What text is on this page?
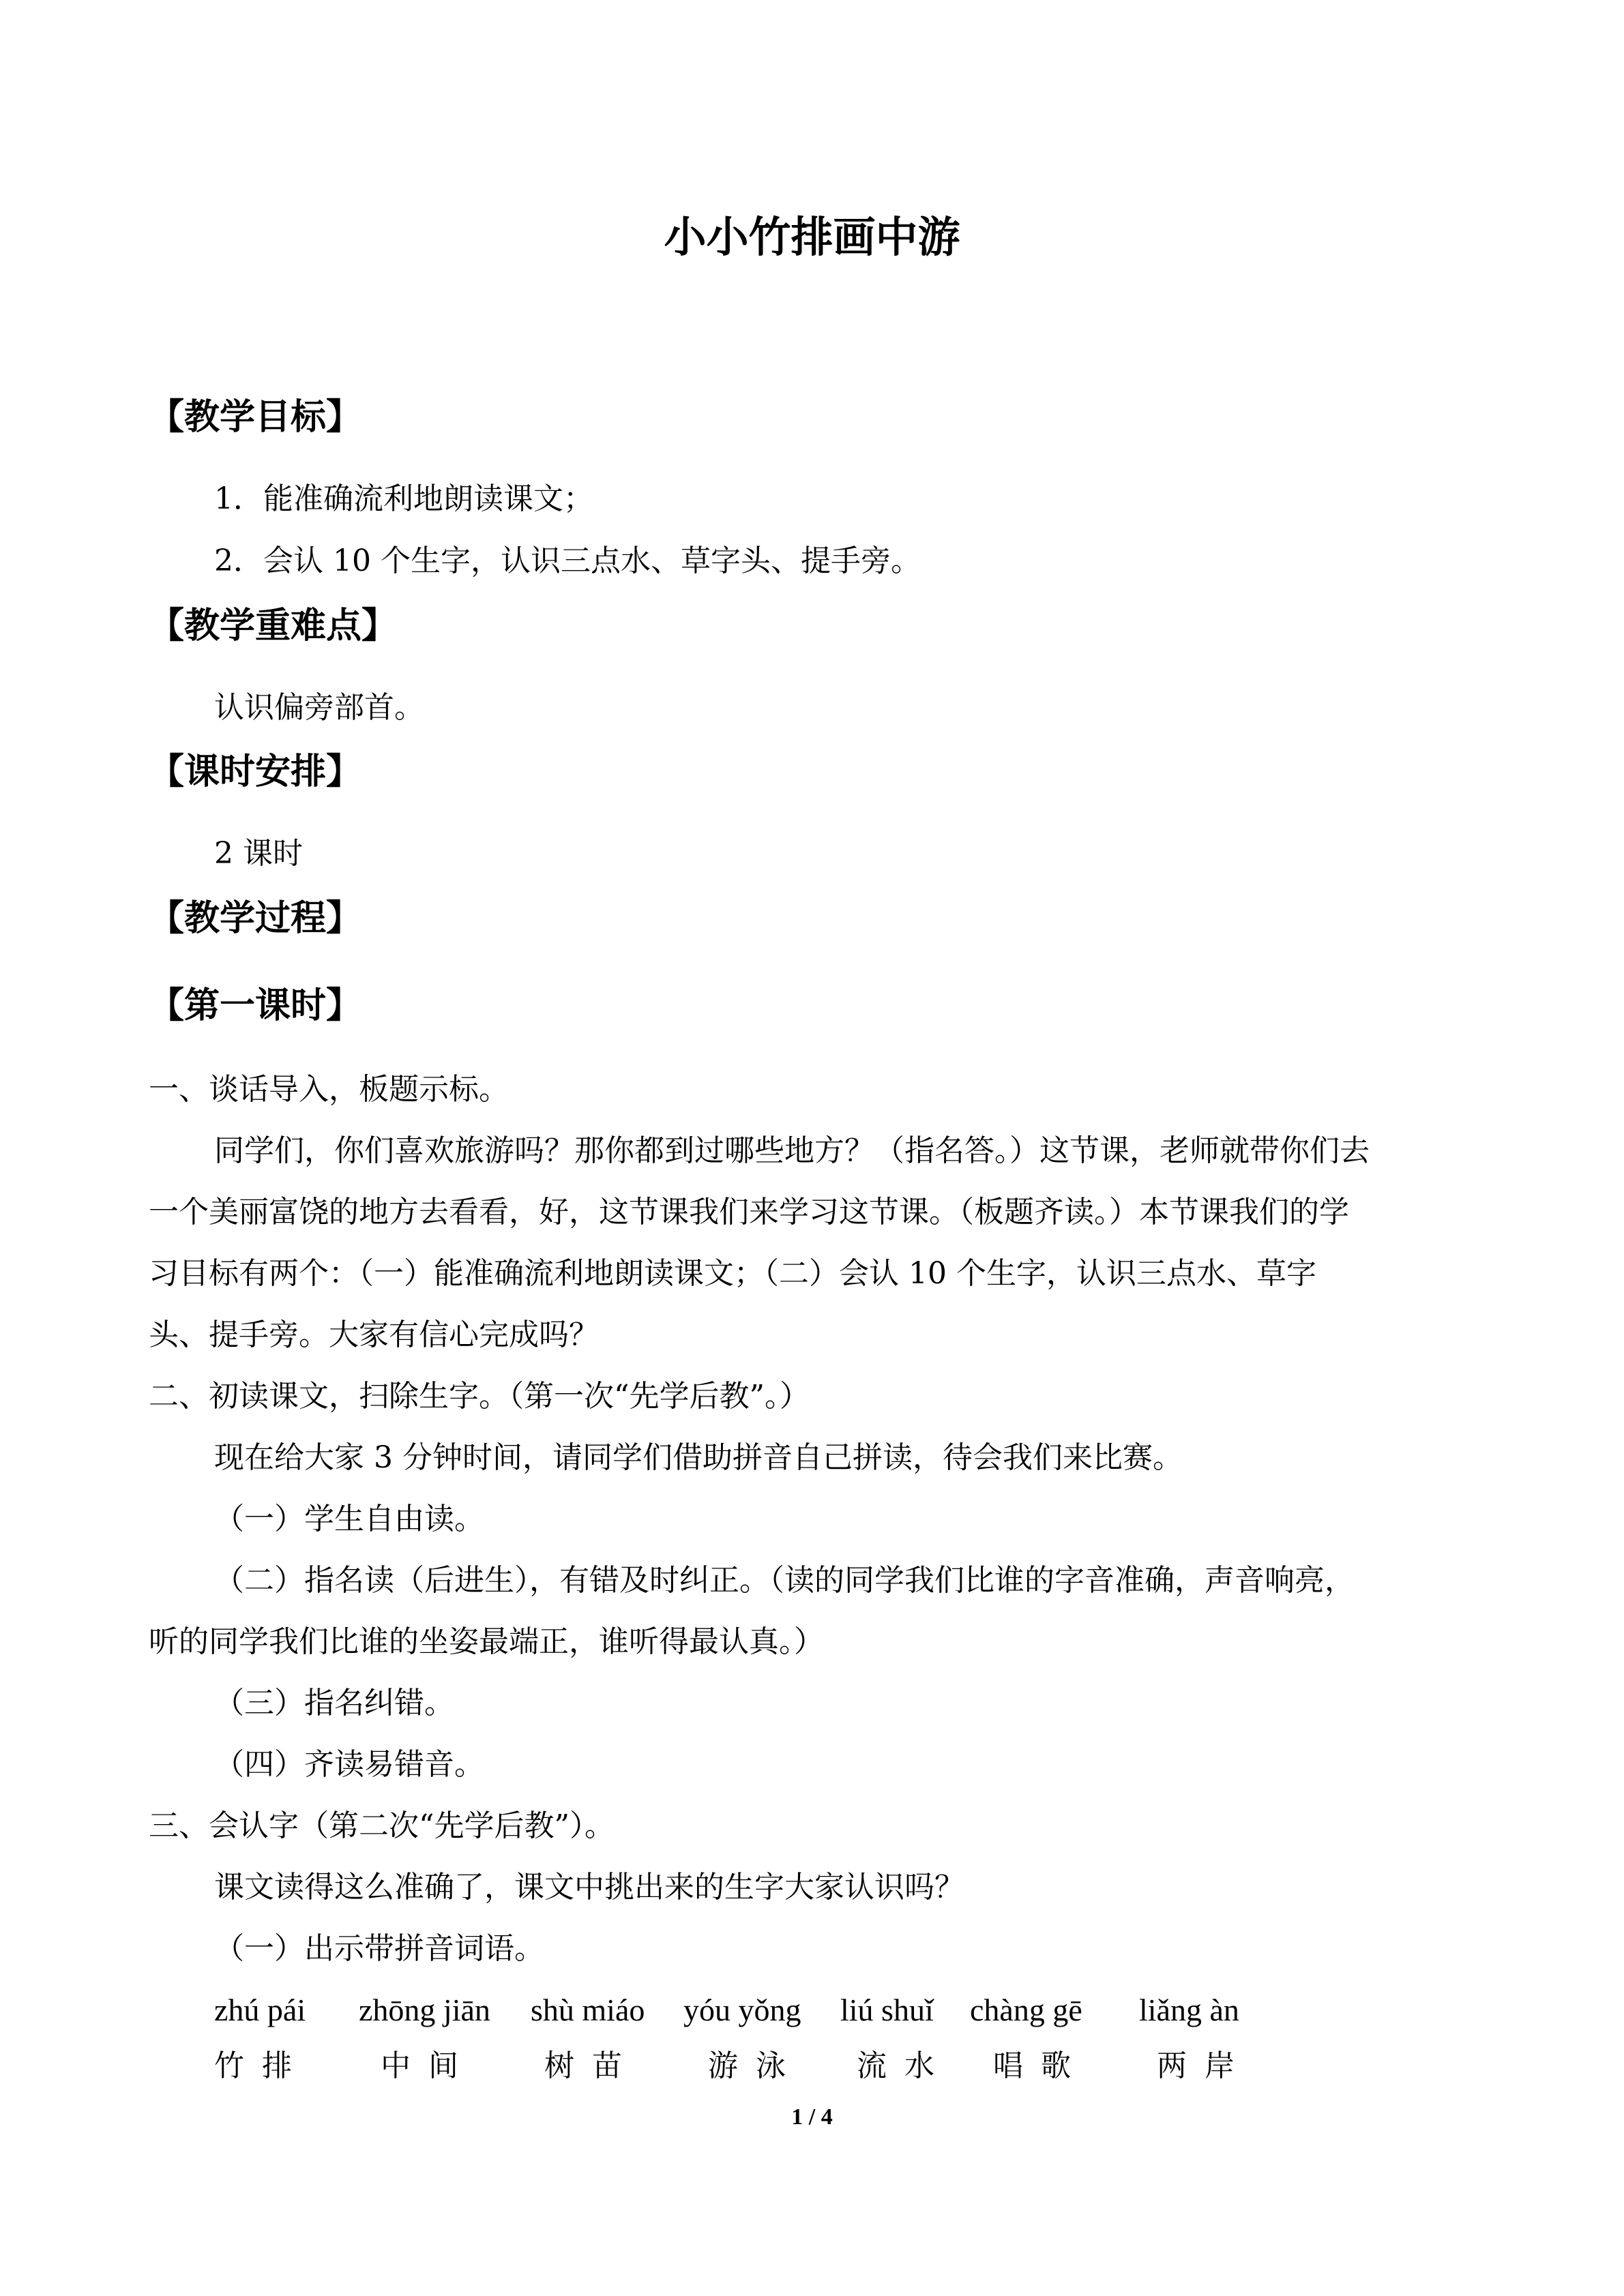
小小竹排画中游
【教学目标】
1．能准确流利地朗读课文；
2．会认 10 个生字，认识三点水、草字头、提手旁。
【教学重难点】
认识偏旁部首。
【课时安排】
2 课时
【教学过程】
【第一课时】
一、谈话导入，板题示标。
同学们，你们喜欢旅游吗？那你都到过哪些地方？（指名答。）这节课，老师就带你们去
一个美丽富饶的地方去看看，好，这节课我们来学习这节课。（板题齐读。）本节课我们的学
习目标有两个：（一）能准确流利地朗读课文；（二）会认 10 个生字，认识三点水、草字
头、提手旁。大家有信心完成吗？
二、初读课文，扫除生字。（第一次“先学后教”。）
现在给大家 3 分钟时间，请同学们借助拼音自己拼读，待会我们来比赛。
（一）学生自由读。
（二）指名读（后进生），有错及时纠正。（读的同学我们比谁的字音准确，声音响亮，
听的同学我们比谁的坐姿最端正，谁听得最认真。）
（三）指名纠错。
（四）齐读易错音。
三、会认字（第二次“先学后教”）。
课文读得这么准确了，课文中挑出来的生字大家认识吗？
（一）出示带拼音词语。
zhú pái zhōng jiān shù miáo yóu yǒng liú shuǐ chàng gē liǎng àn
竹排 中间 树苗 游泳 流水 唱歌 两岸
1 / 4
